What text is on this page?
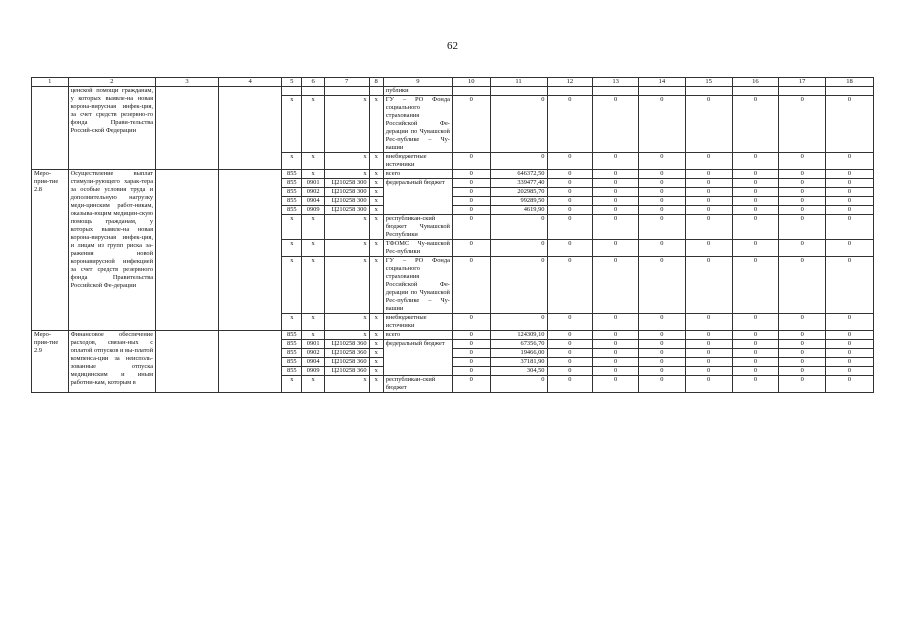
62
1	2	3	4	5	6	7	8	9	10	11	12	13	14	15	16	17	18
	ценской помощи гражданам, у которых выявле-на новая корона-вирусная инфек-ция, за счет средств резервно-го фонда Прави-тельства Россий-ской Федерации							публики									
				x	x	x	x	ГУ – РО Фонда социального страхования Российской Фе-дерации по Чувашской Рес-публике – Чу-вашии	0	0	0	0	0	0	0	0	0
				x	x	x	x	внебюджетные источники	0	0	0	0	0	0	0	0	0
Меро-прия-тие 2.8	Осуществление выплат стимули-рующего харак-тера за особые условия труда и дополнительную нагрузку меди-цинским работ-никам, оказыва-ющим медицин-скую помощь гражданам, у которых выявле-на новая корона-вирусная инфек-ция, и лицам из групп риска за-ражения новой коронавирусной инфекцией за счет средств резервного фонда Правительства Российской Фе-дерации			855	x	x	x	всего	0	646372,50	0	0	0	0	0	0	0
				855	0901	Ц210258 300	x	федеральный бюджет	0	339477,40	0	0	0	0	0	0	0
				855	0902	Ц210258 300	x		0	202985,70	0	0	0	0	0	0	0
				855	0904	Ц210258 300	x		0	99289,50	0	0	0	0	0	0	0
				855	0909	Ц210258 300	x		0	4619,90	0	0	0	0	0	0	0
				x	x	x	x	республикан-ский бюджет Чувашской Республики	0	0	0	0	0	0	0	0	0
				x	x	x	x	ТФОМС Чу-вашской Рес-публики	0	0	0	0	0	0	0	0	0
				x	x	x	x	ГУ – РО Фонда социального страхования Российской Фе-дерации по Чувашской Рес-публике – Чу-вашии	0	0	0	0	0	0	0	0	0
				x	x	x	x	внебюджетные источники	0	0	0	0	0	0	0	0	0
Меро-прия-тие 2.9	Финансовое обеспечение расходов, связан-ных с оплатой отпусков и вы-платой компенса-ции за неисполь-зованные отпуска медицинским и иным работни-кам, которым в			855	x	x	x	всего	0	124309,10	0	0	0	0	0	0	0
				855	0901	Ц210258 360	x	федеральный бюджет	0	67356,70	0	0	0	0	0	0	0
				855	0902	Ц210258 360	x		0	19466,00	0	0	0	0	0	0	0
				855	0904	Ц210258 360	x		0	37181,90	0	0	0	0	0	0	0
				855	0909	Ц210258 360	x		0	304,50	0	0	0	0	0	0	0
				x	x	x	x	республикан-ский бюджет	0	0	0	0	0	0	0	0	0
